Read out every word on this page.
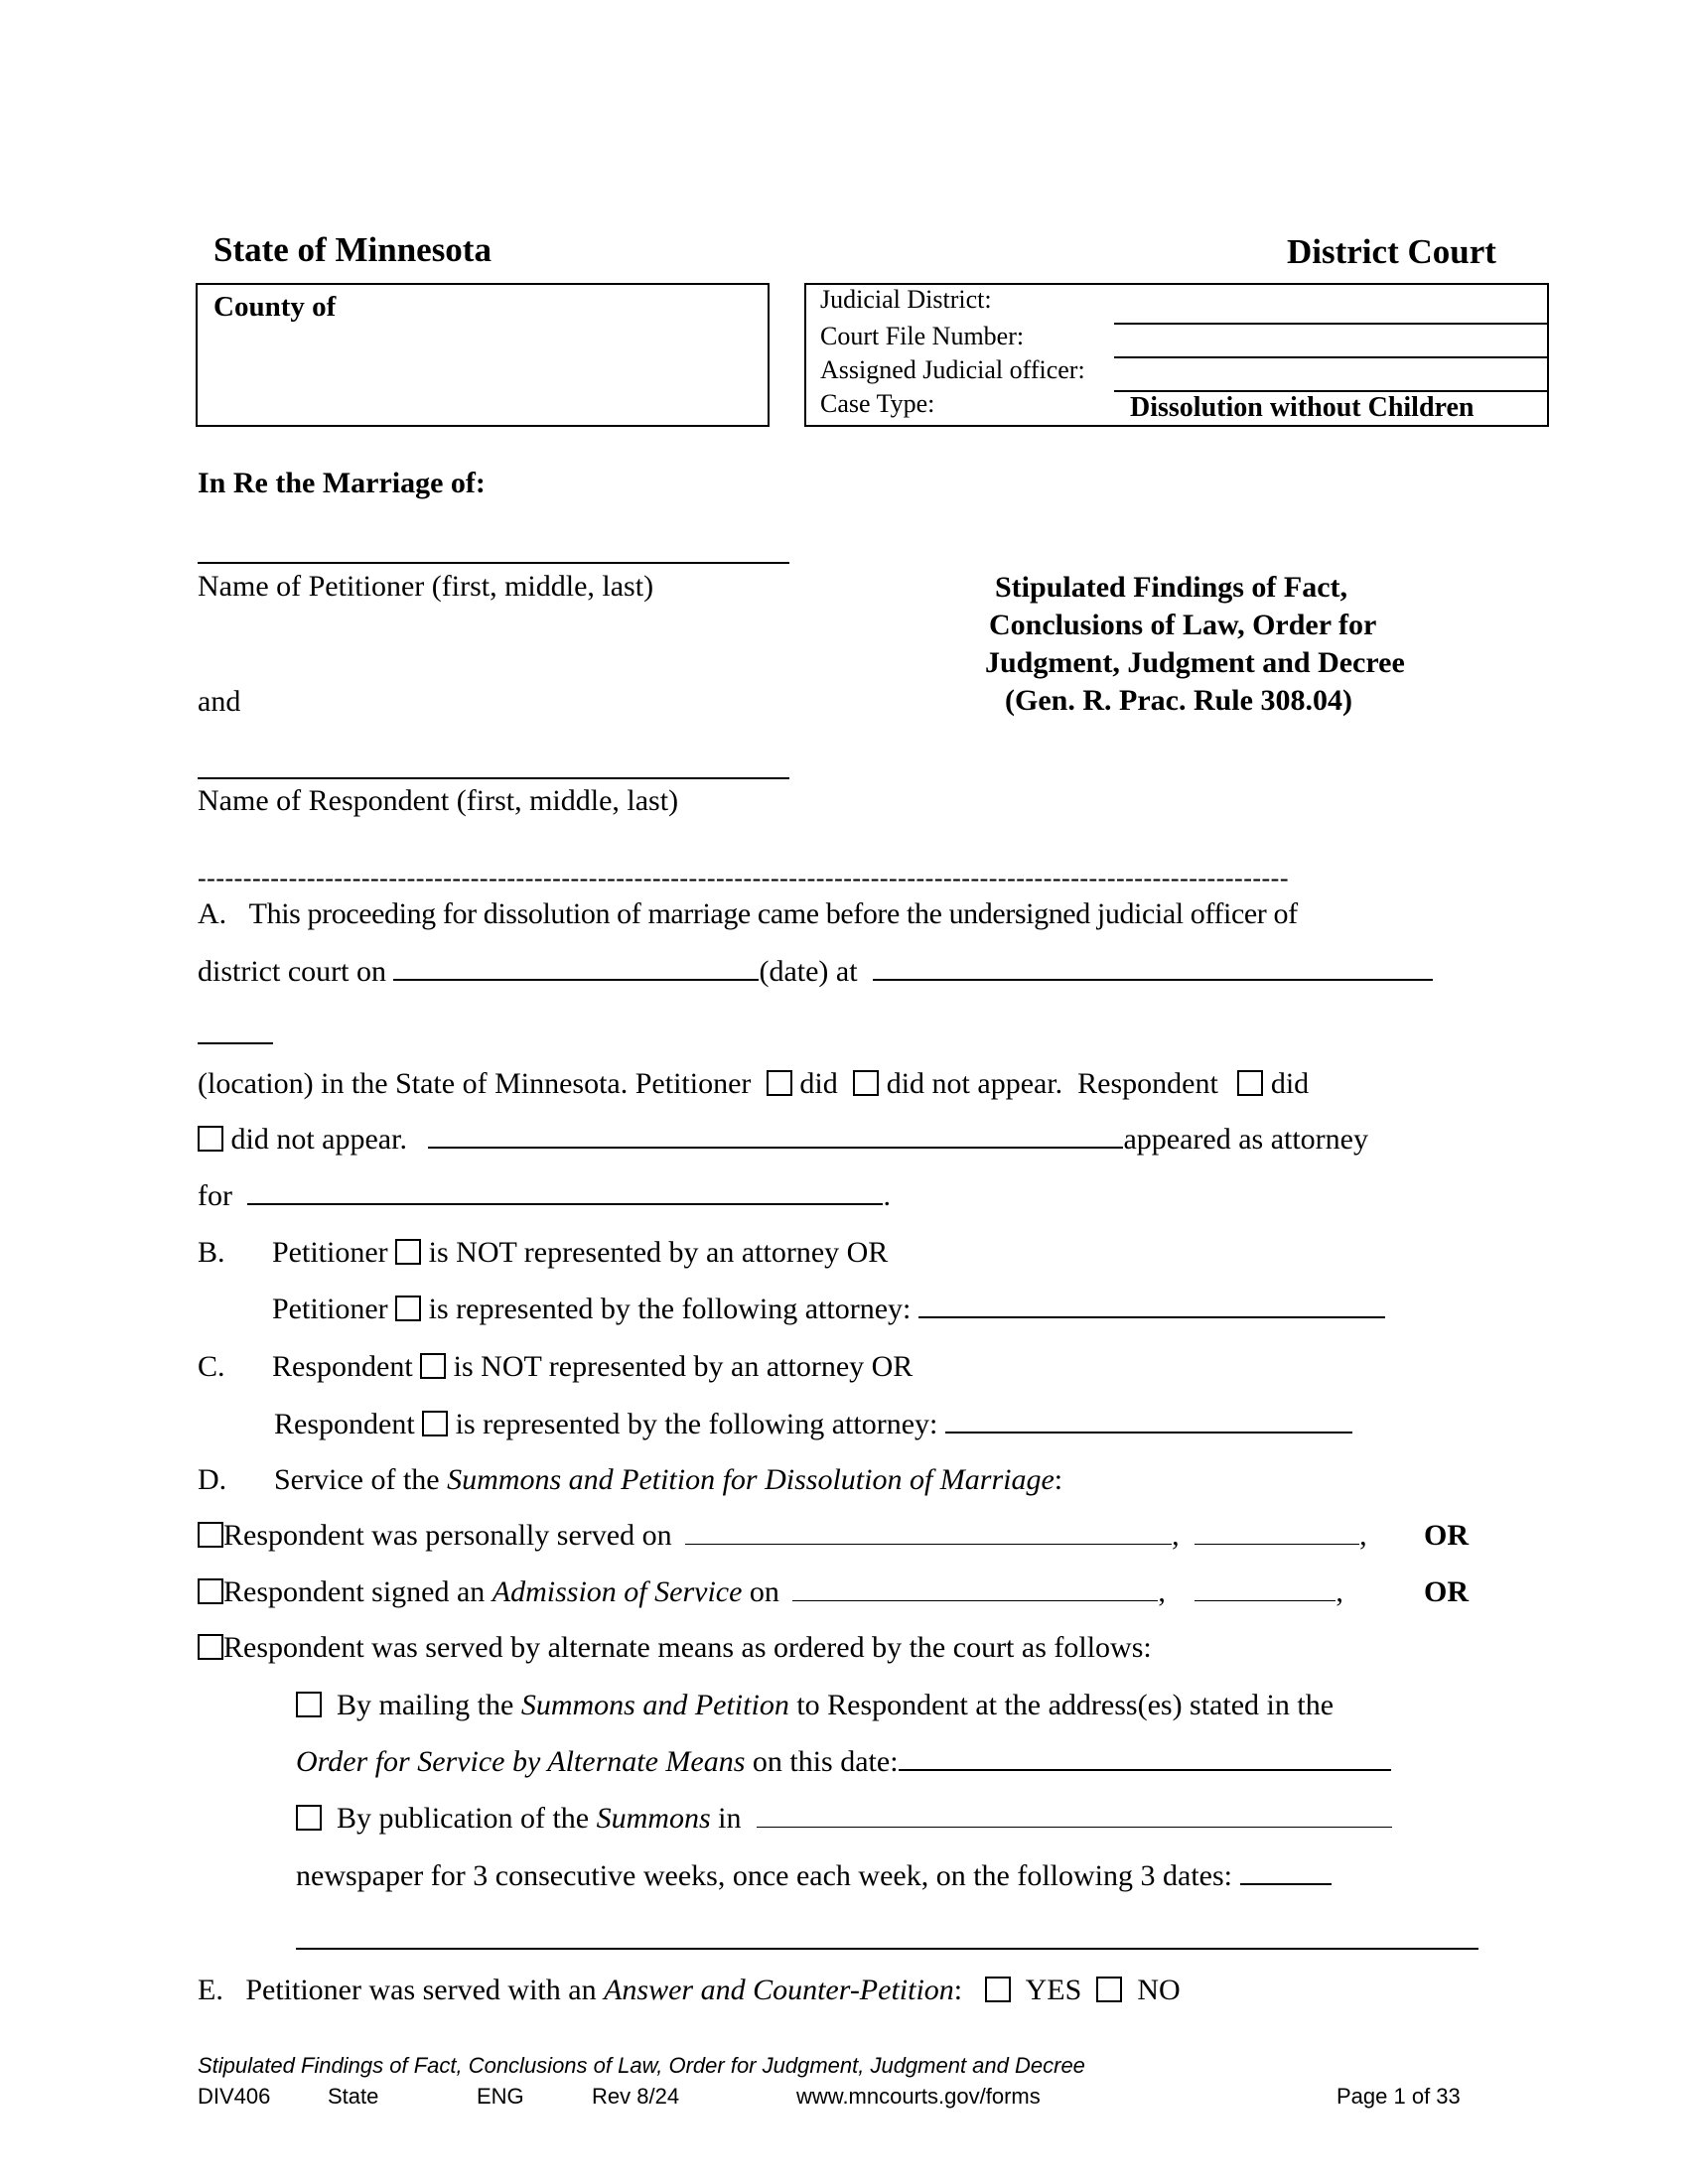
State of Minnesota	District Court
County of	Judicial District:
Court File Number:
Assigned Judicial officer:
Case Type:	Dissolution without Children
In Re the Marriage of:
Name of Petitioner (first, middle, last)
and
Name of Respondent (first, middle, last)
Stipulated Findings of Fact,
Conclusions of Law, Order for
Judgment, Judgment and Decree
(Gen. R. Prac. Rule 308.04)
------------------------------------------------------------------------------------------------------------------------
A. This proceeding for dissolution of marriage came before the undersigned judicial officer of
district court on	(date) at
(location) in the State of Minnesota. Petitioner did did not appear. Respondent did
did not appear.	appeared as attorney
for	.
B. Petitioner is NOT represented by an attorney OR
Petitioner is represented by the following attorney:
C. Respondent is NOT represented by an attorney OR
Respondent is represented by the following attorney:
D. Service of the Summons and Petition for Dissolution of Marriage:
Respondent was personally served on	,	, OR
Respondent signed an Admission of Service on	,	,	OR
Respondent was served by alternate means as ordered by the court as follows:
By mailing the Summons and Petition to Respondent at the address(es) stated in the
Order for Service by Alternate Means on this date:
By publication of the Summons in
newspaper for 3 consecutive weeks, once each week, on the following 3 dates:
E. Petitioner was served with an Answer and Counter-Petition: YES NO
Stipulated Findings of Fact, Conclusions of Law, Order for Judgment, Judgment and Decree
DIV406	State	ENG	Rev 8/24	www.mncourts.gov/forms	Page 1 of 33
